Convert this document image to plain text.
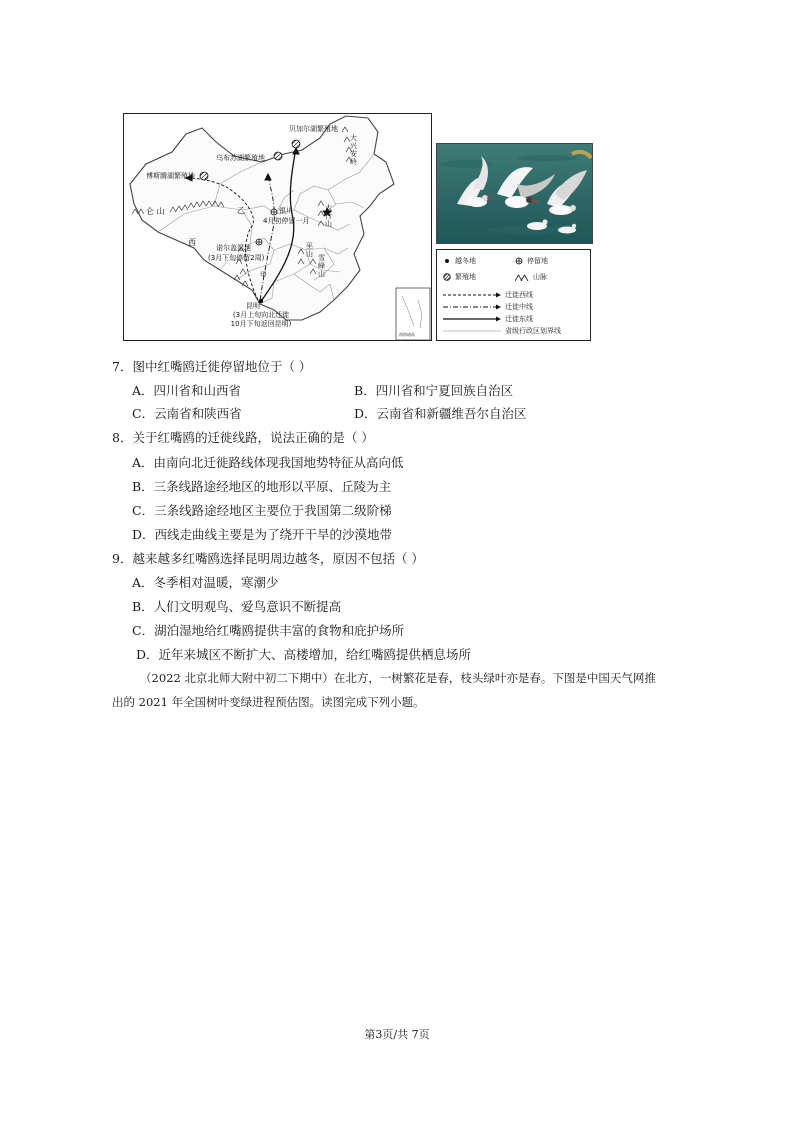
贝加尔湖繁殖地
乌布苏湖繁殖地
博斯腾湖繁殖地
仑 山
大兴安岭
太行山
银川
4月初停留一月
西
乙
甲
诺尔盖湿地
(3月下旬停留2周)
巫山 雪峰山
昆明
(3月上旬向北迁徙
10月下旬返回昆明)
南海诸岛
越冬地	停留地
繁殖地	山脉
迁徙西线
迁徙中线
迁徙东线
省级行政区划界线
7．图中红嘴鸥迁徙停留地位于（ ）
A．四川省和山西省	B．四川省和宁夏回族自治区
C．云南省和陕西省	D．云南省和新疆维吾尔自治区
8．关于红嘴鸥的迁徙线路，说法正确的是（ ）
A．由南向北迁徙路线体现我国地势特征从高向低
B．三条线路途经地区的地形以平原、丘陵为主
C．三条线路途经地区主要位于我国第二级阶梯
D．西线走曲线主要是为了绕开干旱的沙漠地带
9．越来越多红嘴鸥选择昆明周边越冬，原因不包括（ ）
A．冬季相对温暖，寒潮少
B．人们文明观鸟、爱鸟意识不断提高
C．湖泊湿地给红嘴鸥提供丰富的食物和庇护场所
D．近年来城区不断扩大、高楼增加，给红嘴鸥提供栖息场所
（2022 北京北师大附中初二下期中）在北方，一树繁花是春，枝头绿叶亦是春。下图是中国天气网推
出的 2021 年全国树叶变绿进程预估图。读图完成下列小题。
第3页/共 7页
